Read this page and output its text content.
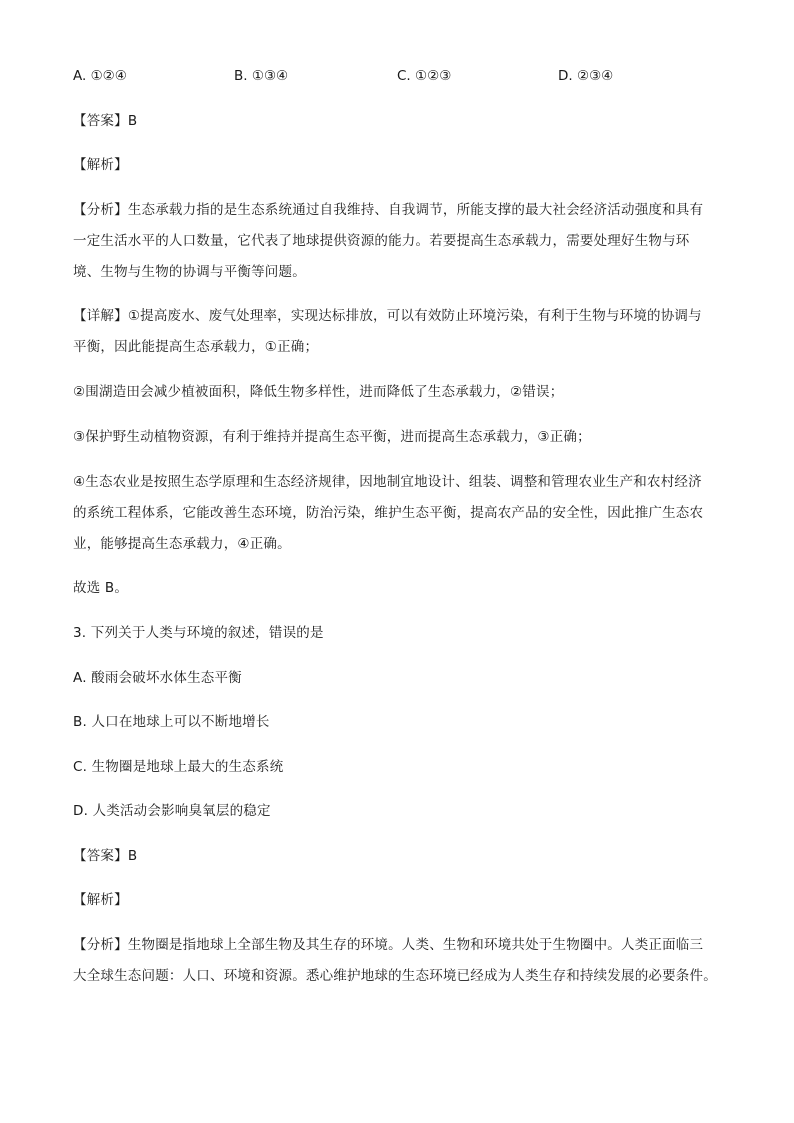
A. ①②④	B. ①③④	C. ①②③	D. ②③④
【答案】B
【解析】
【分析】生态承载力指的是生态系统通过自我维持、自我调节，所能支撑的最大社会经济活动强度和具有
一定生活水平的人口数量，它代表了地球提供资源的能力。若要提高生态承载力，需要处理好生物与环
境、生物与生物的协调与平衡等问题。
【详解】①提高废水、废气处理率，实现达标排放，可以有效防止环境污染，有利于生物与环境的协调与
平衡，因此能提高生态承载力，①正确；
②围湖造田会减少植被面积，降低生物多样性，进而降低了生态承载力，②错误；
③保护野生动植物资源，有利于维持并提高生态平衡，进而提高生态承载力，③正确；
④生态农业是按照生态学原理和生态经济规律，因地制宜地设计、组装、调整和管理农业生产和农村经济
的系统工程体系，它能改善生态环境，防治污染，维护生态平衡，提高农产品的安全性，因此推广生态农
业，能够提高生态承载力，④正确。
故选 B。
3. 下列关于人类与环境的叙述，错误的是
A. 酸雨会破坏水体生态平衡
B. 人口在地球上可以不断地增长
C. 生物圈是地球上最大的生态系统
D. 人类活动会影响臭氧层的稳定
【答案】B
【解析】
【分析】生物圈是指地球上全部生物及其生存的环境。人类、生物和环境共处于生物圈中。人类正面临三
大全球生态问题：人口、环境和资源。悉心维护地球的生态环境已经成为人类生存和持续发展的必要条件。
